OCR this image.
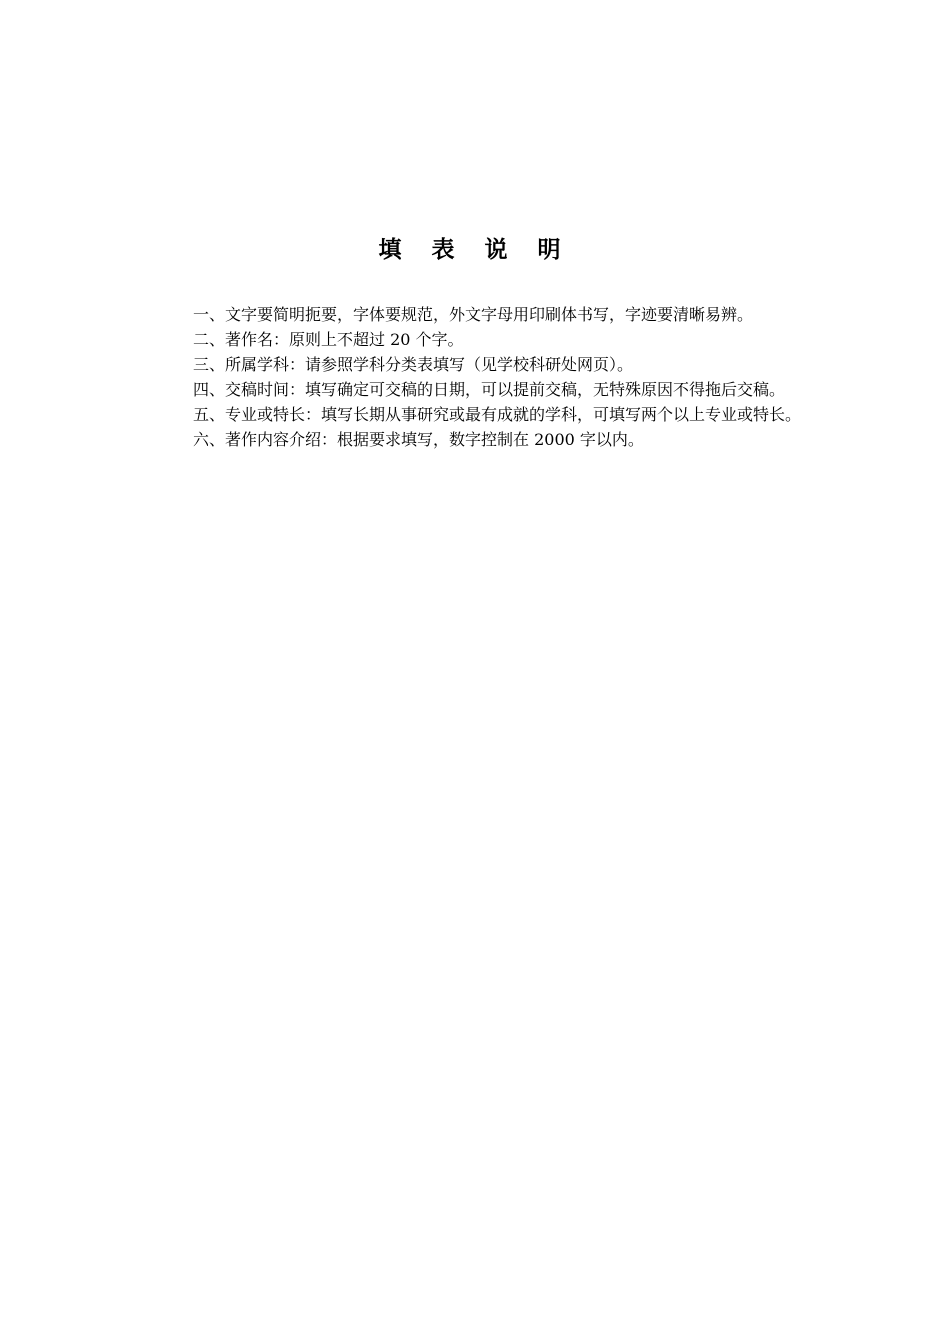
填 表 说 明

一、文字要简明扼要，字体要规范，外文字母用印刷体书写，字迹要清晰易辨。

二、著作名：原则上不超过 20 个字。

三、所属学科：请参照学科分类表填写（见学校科研处网页）。

四、交稿时间：填写确定可交稿的日期，可以提前交稿，无特殊原因不得拖后交稿。

五、专业或特长：填写长期从事研究或最有成就的学科，可填写两个以上专业或特长。

六、著作内容介绍：根据要求填写，数字控制在 2000 字以内。
